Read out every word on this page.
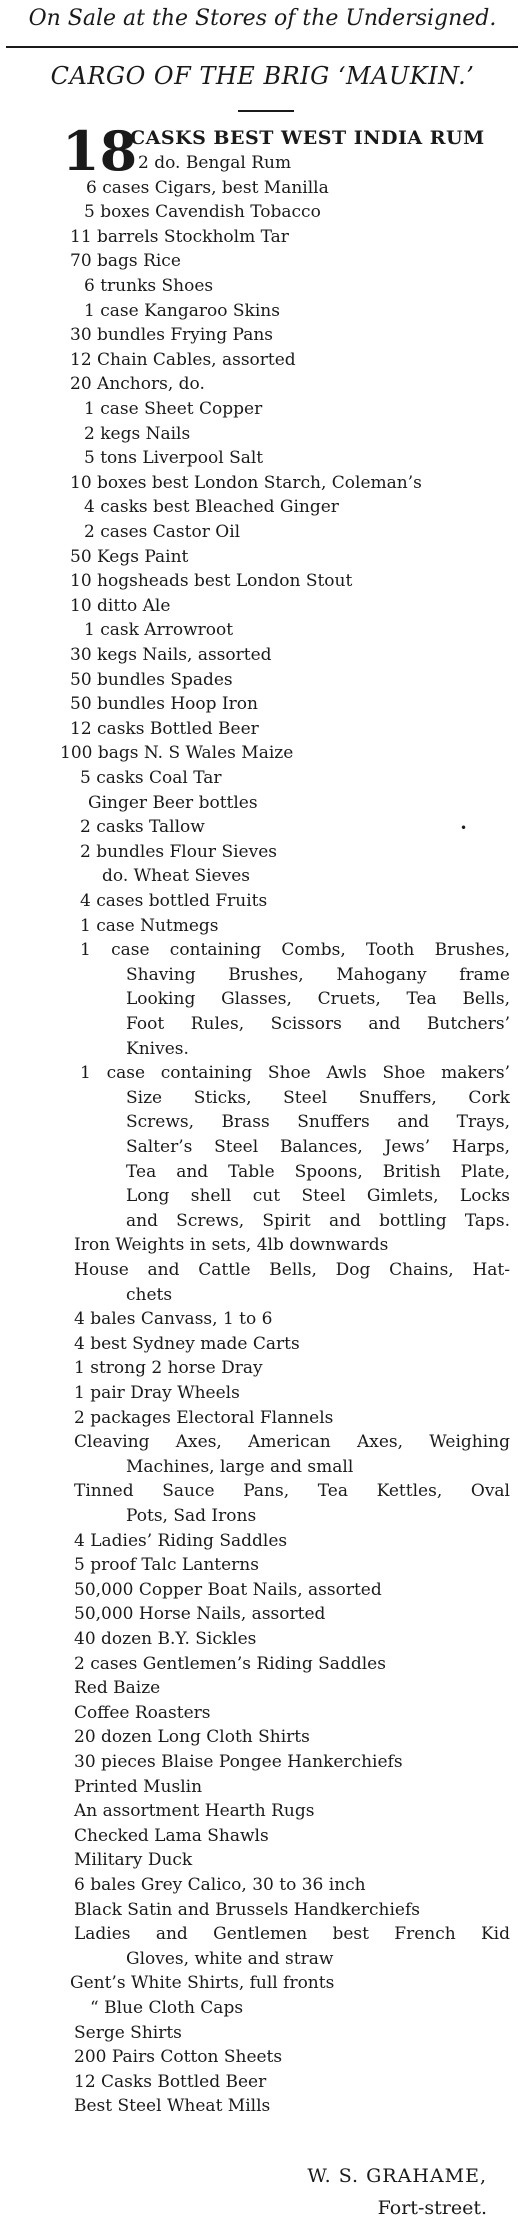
On Sale at the Stores of the Undersigned.
CARGO OF THE BRIG ‘MAUKIN.’
18
CASKS BEST WEST INDIA RUM
2 do. Bengal Rum
6 cases Cigars, best Manilla
5 boxes Cavendish Tobacco
11 barrels Stockholm Tar
70 bags Rice
6 trunks Shoes
1 case Kangaroo Skins
30 bundles Frying Pans
12 Chain Cables, assorted
20 Anchors, do.
1 case Sheet Copper
2 kegs Nails
5 tons Liverpool Salt
10 boxes best London Starch, Coleman’s
4 casks best Bleached Ginger
2 cases Castor Oil
50 Kegs Paint
10 hogsheads best London Stout
10 ditto Ale
1 cask Arrowroot
30 kegs Nails, assorted
50 bundles Spades
50 bundles Hoop Iron
12 casks Bottled Beer
100 bags N. S Wales Maize
5 casks Coal Tar
Ginger Beer bottles
2 casks Tallow
2 bundles Flour Sieves
do. Wheat Sieves
4 cases bottled Fruits
1 case Nutmegs
1 case containing Combs, Tooth Brushes,
Shaving Brushes, Mahogany frame
Looking Glasses, Cruets, Tea Bells,
Foot Rules, Scissors and Butchers’
Knives.
1 case containing Shoe Awls Shoe makers’
Size Sticks, Steel Snuffers, Cork
Screws, Brass Snuffers and Trays,
Salter’s Steel Balances, Jews’ Harps,
Tea and Table Spoons, British Plate,
Long shell cut Steel Gimlets, Locks
and Screws, Spirit and bottling Taps.
Iron Weights in sets, 4lb downwards
House and Cattle Bells, Dog Chains, Hat-
chets
4 bales Canvass, 1 to 6
4 best Sydney made Carts
1 strong 2 horse Dray
1 pair Dray Wheels
2 packages Electoral Flannels
Cleaving Axes, American Axes, Weighing
Machines, large and small
Tinned Sauce Pans, Tea Kettles, Oval
Pots, Sad Irons
4 Ladies’ Riding Saddles
5 proof Talc Lanterns
50,000 Copper Boat Nails, assorted
50,000 Horse Nails, assorted
40 dozen B.Y. Sickles
2 cases Gentlemen’s Riding Saddles
Red Baize
Coffee Roasters
20 dozen Long Cloth Shirts
30 pieces Blaise Pongee Hankerchiefs
Printed Muslin
An assortment Hearth Rugs
Checked Lama Shawls
Military Duck
6 bales Grey Calico, 30 to 36 inch
Black Satin and Brussels Handkerchiefs
Ladies and Gentlemen best French Kid
Gloves, white and straw
Gent’s White Shirts, full fronts
“ Blue Cloth Caps
Serge Shirts
200 Pairs Cotton Sheets
12 Casks Bottled Beer
Best Steel Wheat Mills
•
W. S. GRAHAME,
Fort-street.
